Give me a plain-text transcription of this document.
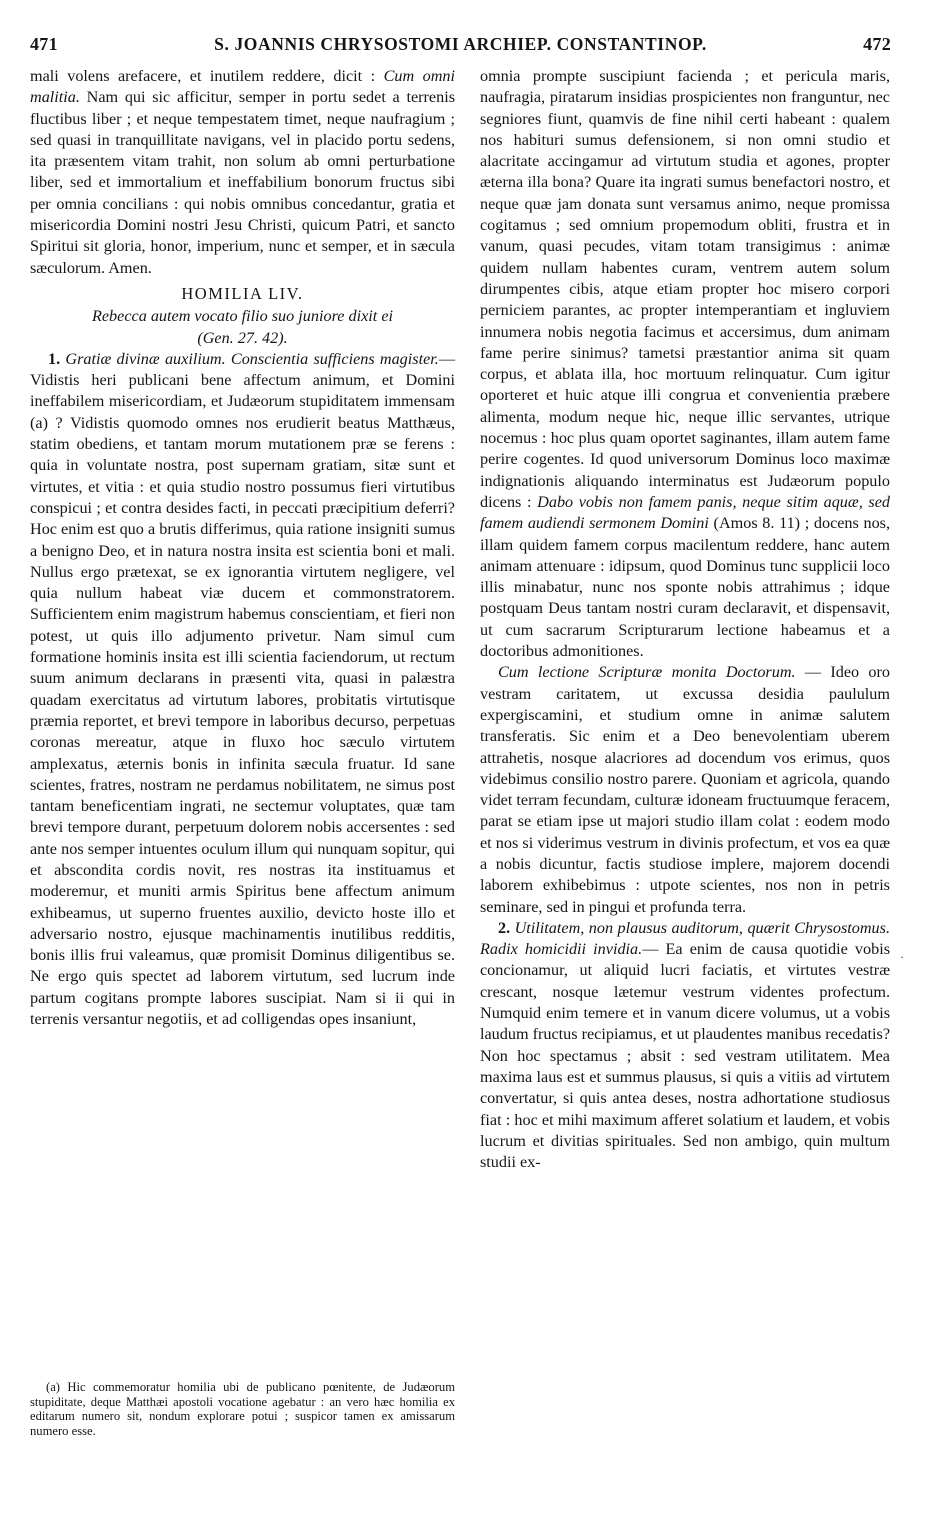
471	S. JOANNIS CHRYSOSTOMI ARCHIEP. CONSTANTINOP.	472

mali volens arefacere, et inutilem reddere, dicit : Cum omni malitia. Nam qui sic afficitur, semper in portu sedet a terrenis fluctibus liber ; et neque tempestatem timet, neque naufragium ; sed quasi in tranquillitate navigans, vel in placido portu sedens, ita præsentem vitam trahit, non solum ab omni perturbatione liber, sed et immortalium et ineffabilium bonorum fructus sibi per omnia concilians : qui nobis omnibus concedantur, gratia et misericordia Domini nostri Jesu Christi, quicum Patri, et sancto Spiritui sit gloria, honor, imperium, nunc et semper, et in sæcula sæculorum. Amen.

HOMILIA LIV.

Rebecca autem vocato filio suo juniore dixit ei

(Gen. 27. 42).

1. Gratiæ divinæ auxilium. Conscientia sufficiens magister.—Vidistis heri publicani bene affectum animum, et Domini ineffabilem misericordiam, et Judæorum stupiditatem immensam (a) ? Vidistis quomodo omnes nos erudierit beatus Matthæus, statim obediens, et tantam morum mutationem præ se ferens : quia in voluntate nostra, post supernam gratiam, sitæ sunt et virtutes, et vitia : et quia studio nostro possumus fieri virtutibus conspicui ; et contra desides facti, in peccati præcipitium deferri? Hoc enim est quo a brutis differimus, quia ratione insigniti sumus a benigno Deo, et in natura nostra insita est scientia boni et mali. Nullus ergo prætexat, se ex ignorantia virtutem negligere, vel quia nullum habeat viæ ducem et commonstratorem. Sufficientem enim magistrum habemus conscientiam, et fieri non potest, ut quis illo adjumento privetur. Nam simul cum formatione hominis insita est illi scientia faciendorum, ut rectum suum animum declarans in præsenti vita, quasi in palæstra quadam exercitatus ad virtutum labores, probitatis virtutisque præmia reportet, et brevi tempore in laboribus decurso, perpetuas coronas mereatur, atque in fluxo hoc sæculo virtutem amplexatus, æternis bonis in infinita sæcula fruatur. Id sane scientes, fratres, nostram ne perdamus nobilitatem, ne simus post tantam beneficentiam ingrati, ne sectemur voluptates, quæ tam brevi tempore durant, perpetuum dolorem nobis accersentes : sed ante nos semper intuentes oculum illum qui nunquam sopitur, qui et abscondita cordis novit, res nostras ita instituamus et moderemur, et muniti armis Spiritus bene affectum animum exhibeamus, ut superno fruentes auxilio, devicto hoste illo et adversario nostro, ejusque machinamentis inutilibus redditis, bonis illis frui valeamus, quæ promisit Dominus diligentibus se. Ne ergo quis spectet ad laborem virtutum, sed lucrum inde partum cogitans prompte labores suscipiat. Nam si ii qui in terrenis versantur negotiis, et ad colligendas opes insaniunt,

(a) Hic commemoratur homilia ubi de publicano pœnitente, de Judæorum stupiditate, deque Matthæi apostoli vocatione agebatur : an vero hæc homilia ex editarum numero sit, nondum explorare potui ; suspicor tamen ex amissarum numero esse.

omnia prompte suscipiunt facienda ; et pericula maris, naufragia, piratarum insidias prospicientes non franguntur, nec segniores fiunt, quamvis de fine nihil certi habeant : qualem nos habituri sumus defensionem, si non omni studio et alacritate accingamur ad virtutum studia et agones, propter æterna illa bona? Quare ita ingrati sumus benefactori nostro, et neque quæ jam donata sunt versamus animo, neque promissa cogitamus ; sed omnium propemodum obliti, frustra et in vanum, quasi pecudes, vitam totam transigimus : animæ quidem nullam habentes curam, ventrem autem solum dirumpentes cibis, atque etiam propter hoc misero corpori perniciem parantes, ac propter intemperantiam et ingluviem innumera nobis negotia facimus et accersimus, dum animam fame perire sinimus? tametsi præstantior anima sit quam corpus, et ablata illa, hoc mortuum relinquatur. Cum igitur oporteret et huic atque illi congrua et convenientia præbere alimenta, modum neque hic, neque illic servantes, utrique nocemus : hoc plus quam oportet saginantes, illam autem fame perire cogentes. Id quod universorum Dominus loco maximæ indignationis aliquando interminatus est Judæorum populo dicens : Dabo vobis non famem panis, neque sitim aquæ, sed famem audiendi sermonem Domini (Amos 8. 11) ; docens nos, illam quidem famem corpus macilentum reddere, hanc autem animam attenuare : idipsum, quod Dominus tunc supplicii loco illis minabatur, nunc nos sponte nobis attrahimus ; idque postquam Deus tantam nostri curam declaravit, et dispensavit, ut cum sacrarum Scripturarum lectione habeamus et a doctoribus admonitiones.

Cum lectione Scripturæ monita Doctorum. — Ideo oro vestram caritatem, ut excussa desidia paululum expergiscamini, et studium omne in animæ salutem transferatis. Sic enim et a Deo benevolentiam uberem attrahetis, nosque alacriores ad docendum vos erimus, quos videbimus consilio nostro parere. Quoniam et agricola, quando videt terram fecundam, culturæ idoneam fructuumque feracem, parat se etiam ipse ut majori studio illam colat : eodem modo et nos si viderimus vestrum in divinis profectum, et vos ea quæ a nobis dicuntur, factis studiose implere, majorem docendi laborem exhibebimus : utpote scientes, nos non in petris seminare, sed in pingui et profunda terra.

2. Utilitatem, non plausus auditorum, quærit Chrysostomus. Radix homicidii invidia.— Ea enim de causa quotidie vobis concionamur, ut aliquid lucri faciatis, et virtutes vestræ crescant, nosque lætemur vestrum videntes profectum. Numquid enim temere et in vanum dicere volumus, ut a vobis laudum fructus recipiamus, et ut plaudentes manibus recedatis? Non hoc spectamus ; absit : sed vestram utilitatem. Mea maxima laus est et summus plausus, si quis a vitiis ad virtutem convertatur, si quis antea deses, nostra adhortatione studiosus fiat : hoc et mihi maximum afferet solatium et laudem, et vobis lucrum et divitias spirituales. Sed non ambigo, quin multum studii ex-

·
